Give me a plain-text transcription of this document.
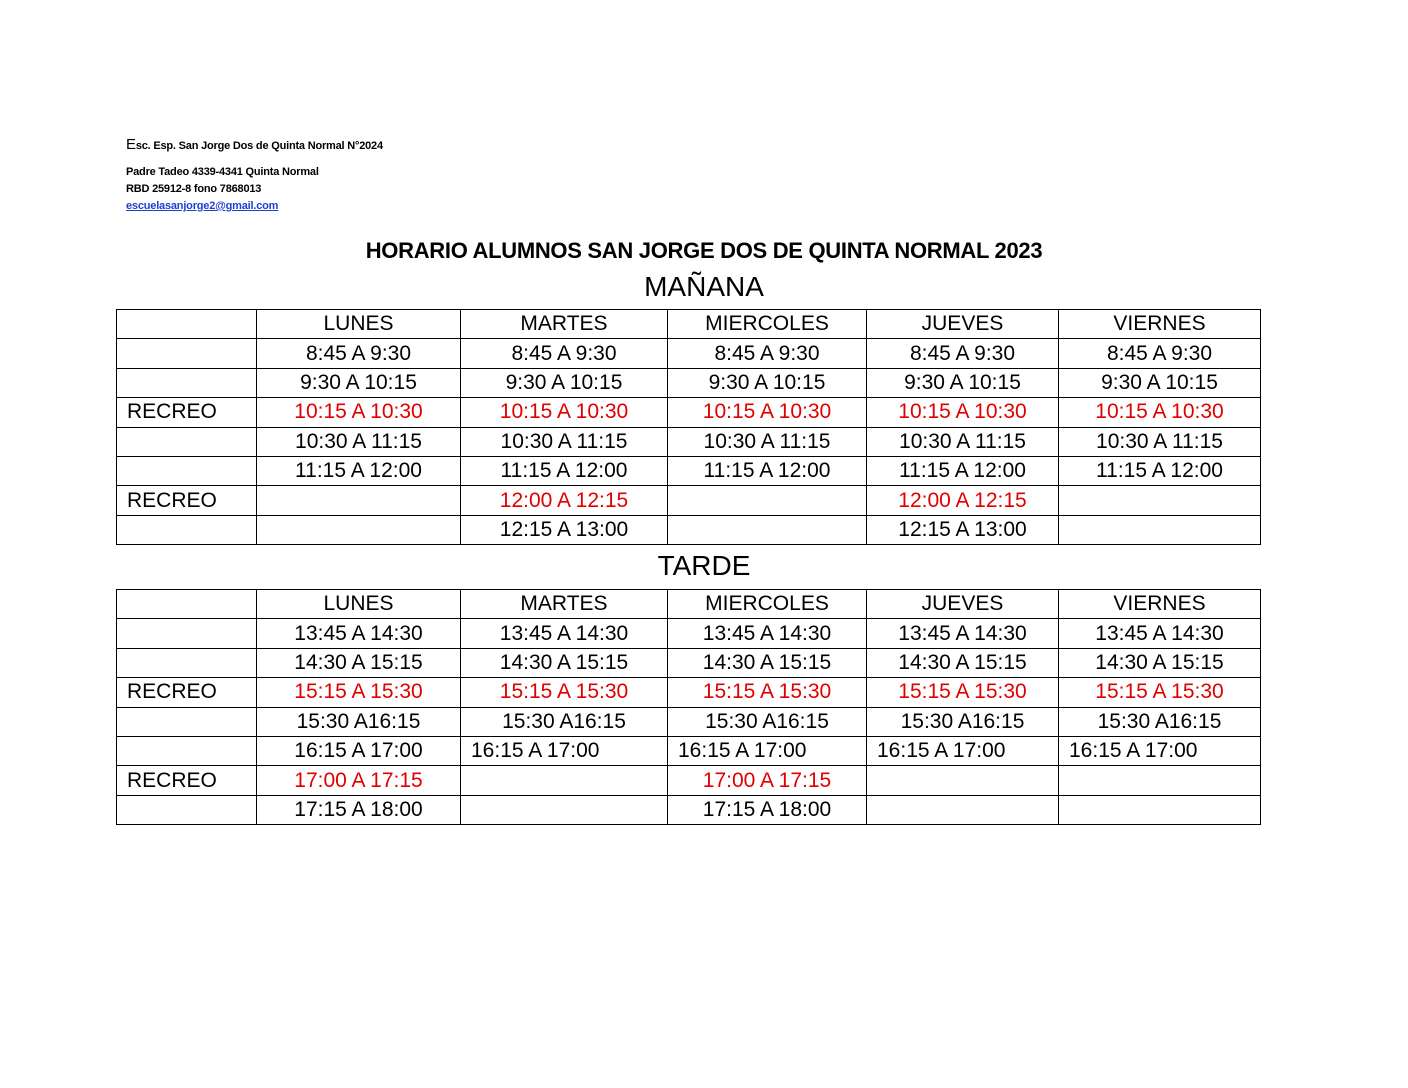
Esc. Esp. San Jorge Dos de Quinta Normal N°2024
Padre Tadeo 4339-4341 Quinta Normal
RBD 25912-8 fono 7868013
escuelasanjorge2@gmail.com
HORARIO ALUMNOS SAN JORGE DOS DE QUINTA NORMAL 2023
MAÑANA
	LUNES	MARTES	MIERCOLES	JUEVES	VIERNES
	8:45 A 9:30	8:45 A 9:30	8:45 A 9:30	8:45 A 9:30	8:45 A 9:30
	9:30 A 10:15	9:30 A 10:15	9:30 A 10:15	9:30 A 10:15	9:30 A 10:15
RECREO	10:15 A 10:30	10:15 A 10:30	10:15 A 10:30	10:15 A 10:30	10:15 A 10:30
	10:30 A 11:15	10:30 A 11:15	10:30 A 11:15	10:30 A 11:15	10:30 A 11:15
	11:15 A 12:00	11:15 A 12:00	11:15 A 12:00	11:15 A 12:00	11:15 A 12:00
RECREO		12:00 A 12:15		12:00 A 12:15	
		12:15 A 13:00		12:15 A 13:00	
TARDE
	LUNES	MARTES	MIERCOLES	JUEVES	VIERNES
	13:45 A 14:30	13:45 A 14:30	13:45 A 14:30	13:45 A 14:30	13:45 A 14:30
	14:30 A 15:15	14:30 A 15:15	14:30 A 15:15	14:30 A 15:15	14:30 A 15:15
RECREO	15:15 A 15:30	15:15 A 15:30	15:15 A 15:30	15:15 A 15:30	15:15 A 15:30
	15:30 A16:15	15:30 A16:15	15:30 A16:15	15:30 A16:15	15:30 A16:15
	16:15 A 17:00	16:15 A 17:00	16:15 A 17:00	16:15 A 17:00	16:15 A 17:00
RECREO	17:00 A 17:15		17:00 A 17:15		
	17:15 A 18:00		17:15 A 18:00		
